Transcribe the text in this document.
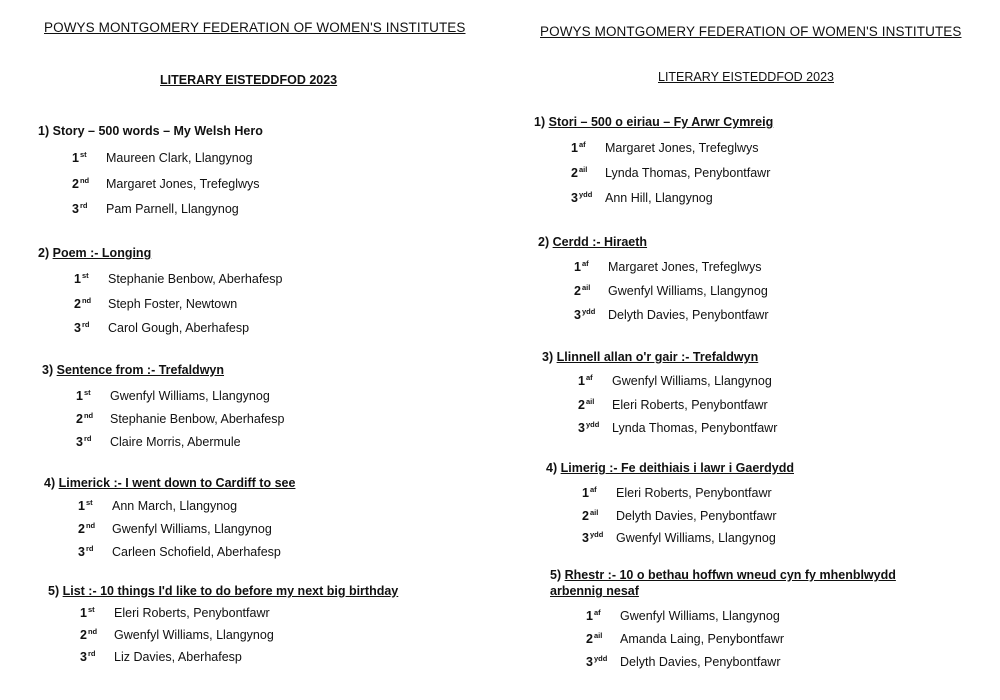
POWYS MONTGOMERY FEDERATION OF WOMEN'S INSTITUTES
LITERARY EISTEDDFOD 2023
1) Story – 500 words – My Welsh Hero
1st Maureen Clark, Llangynog
2nd Margaret Jones, Trefeglwys
3rd Pam Parnell, Llangynog
2) Poem :- Longing
1st Stephanie Benbow, Aberhafesp
2nd Steph Foster, Newtown
3rd Carol Gough, Aberhafesp
3) Sentence from :- Trefaldwyn
1st Gwenfyl Williams, Llangynog
2nd Stephanie Benbow, Aberhafesp
3rd Claire Morris, Abermule
4) Limerick :- I went down to Cardiff to see
1st Ann March, Llangynog
2nd Gwenfyl Williams, Llangynog
3rd Carleen Schofield, Aberhafesp
5) List :- 10 things I'd like to do before my next big birthday
1st Eleri Roberts, Penybontfawr
2nd Gwenfyl Williams, Llangynog
3rd Liz Davies, Aberhafesp
POWYS MONTGOMERY FEDERATION OF WOMEN'S INSTITUTES
LITERARY EISTEDDFOD 2023
1) Stori – 500 o eiriau – Fy Arwr Cymreig
$1^{af}$ Margaret Jones, Trefeglwys
$2^{ail}$ Lynda Thomas, Penybontfawr
$3^{ydd}$ Ann Hill, Llangynog
2) Cerdd :- Hiraeth
$1^{af}$ Margaret Jones, Trefeglwys
$2^{ail}$ Gwenfyl Williams, Llangynog
$3^{ydd}$ Delyth Davies, Penybontfawr
3) Llinnell allan o'r gair :- Trefaldwyn
$1^{af}$ Gwenfyl Williams, Llangynog
$2^{ail}$ Eleri Roberts, Penybontfawr
$3^{ydd}$ Lynda Thomas, Penybontfawr
4) Limerig :- Fe deithiais i lawr i Gaerdydd
$1^{af}$ Eleri Roberts, Penybontfawr
$2^{ail}$ Delyth Davies, Penybontfawr
$3^{ydd}$ Gwenfyl Williams, Llangynog
5) Rhestr :- 10 o bethau hoffwn wneud cyn fy mhenblwydd
arbennig nesaf
$1^{af}$ Gwenfyl Williams, Llangynog
$2^{ail}$ Amanda Laing, Penybontfawr
$3^{ydd}$ Delyth Davies, Penybontfawr
